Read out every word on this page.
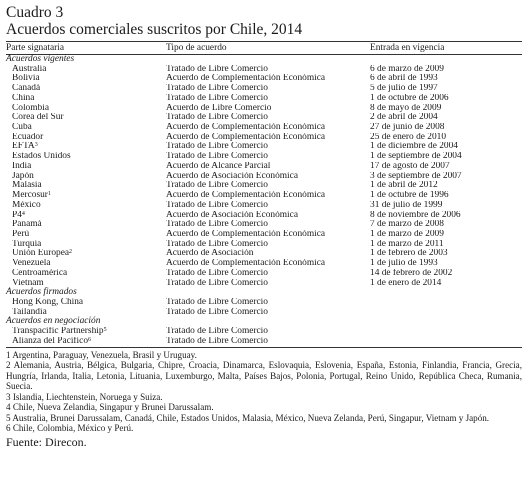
Cuadro 3
Acuerdos comerciales suscritos por Chile, 2014
Parte signataria	Tipo de acuerdo	Entrada en vigencia
Acuerdos vigentes
Australia	Tratado de Libre Comercio	6 de marzo de 2009
Bolivia	Acuerdo de Complementación Económica	6 de abril de 1993
Canadá	Tratado de Libre Comercio	5 de julio de 1997
China	Tratado de Libre Comercio	1 de octubre de 2006
Colombia	Acuerdo de Libre Comercio	8 de mayo de 2009
Corea del Sur	Tratado de Libre Comercio	2 de abril de 2004
Cuba	Acuerdo de Complementación Económica	27 de junio de 2008
Ecuador	Acuerdo de Complementación Económica	25 de enero de 2010
EFTA$^3$	Tratado de Libre Comercio	1 de diciembre de 2004
Estados Unidos	Tratado de Libre Comercio	1 de septiembre de 2004
India	Acuerdo de Alcance Parcial	17 de agosto de 2007
Japón	Acuerdo de Asociación Económica	3 de septiembre de 2007
Malasia	Tratado de Libre Comercio	1 de abril de 2012
Mercosur$^1$	Acuerdo de Complementación Económica	1 de octubre de 1996
México	Tratado de Libre Comercio	31 de julio de 1999
$P4^4$	Acuerdo de Asociación Económica	8 de noviembre de 2006
Panamá	Tratado de Libre Comercio	7 de marzo de 2008
Perú	Acuerdo de Complementación Económica	1 de marzo de 2009
Turquía	Tratado de Libre Comercio	1 de marzo de 2011
Unión Europea$^2$	Acuerdo de Asociación	1 de febrero de 2003
Venezuela	Acuerdo de Complementación Económica	1 de julio de 1993
Centroamérica	Tratado de Libre Comercio	14 de febrero de 2002
Vietnam	Tratado de Libre Comercio	1 de enero de 2014
Acuerdos firmados
Hong Kong, China	Tratado de Libre Comercio
Tailandia	Tratado de Libre Comercio
Acuerdos en negociación
Transpacific Partnership$^5$	Tratado de Libre Comercio
Alianza del Pacífico$^6$	Tratado de Libre Comercio

1 Argentina, Paraguay, Venezuela, Brasil y Uruguay.

2 Alemania, Austria, Bélgica, Bulgaria, Chipre, Croacia, Dinamarca, Eslovaquia, Eslovenia, España, Estonia, Finlandia, Francia, Grecia, Hungría, Irlanda, Italia, Letonia, Lituania, Luxemburgo, Malta, Países Bajos, Polonia, Portugal, Reino Unido, República Checa, Rumania, Suecia.

3 Islandia, Liechtenstein, Noruega y Suiza.

4 Chile, Nueva Zelandia, Singapur y Brunei Darussalam.

5 Australia, Brunei Darussalam, Canadá, Chile, Estados Unidos, Malasia, México, Nueva Zelanda, Perú, Singapur, Vietnam y Japón.

6 Chile, Colombia, México y Perú.

Fuente: Direcon.
